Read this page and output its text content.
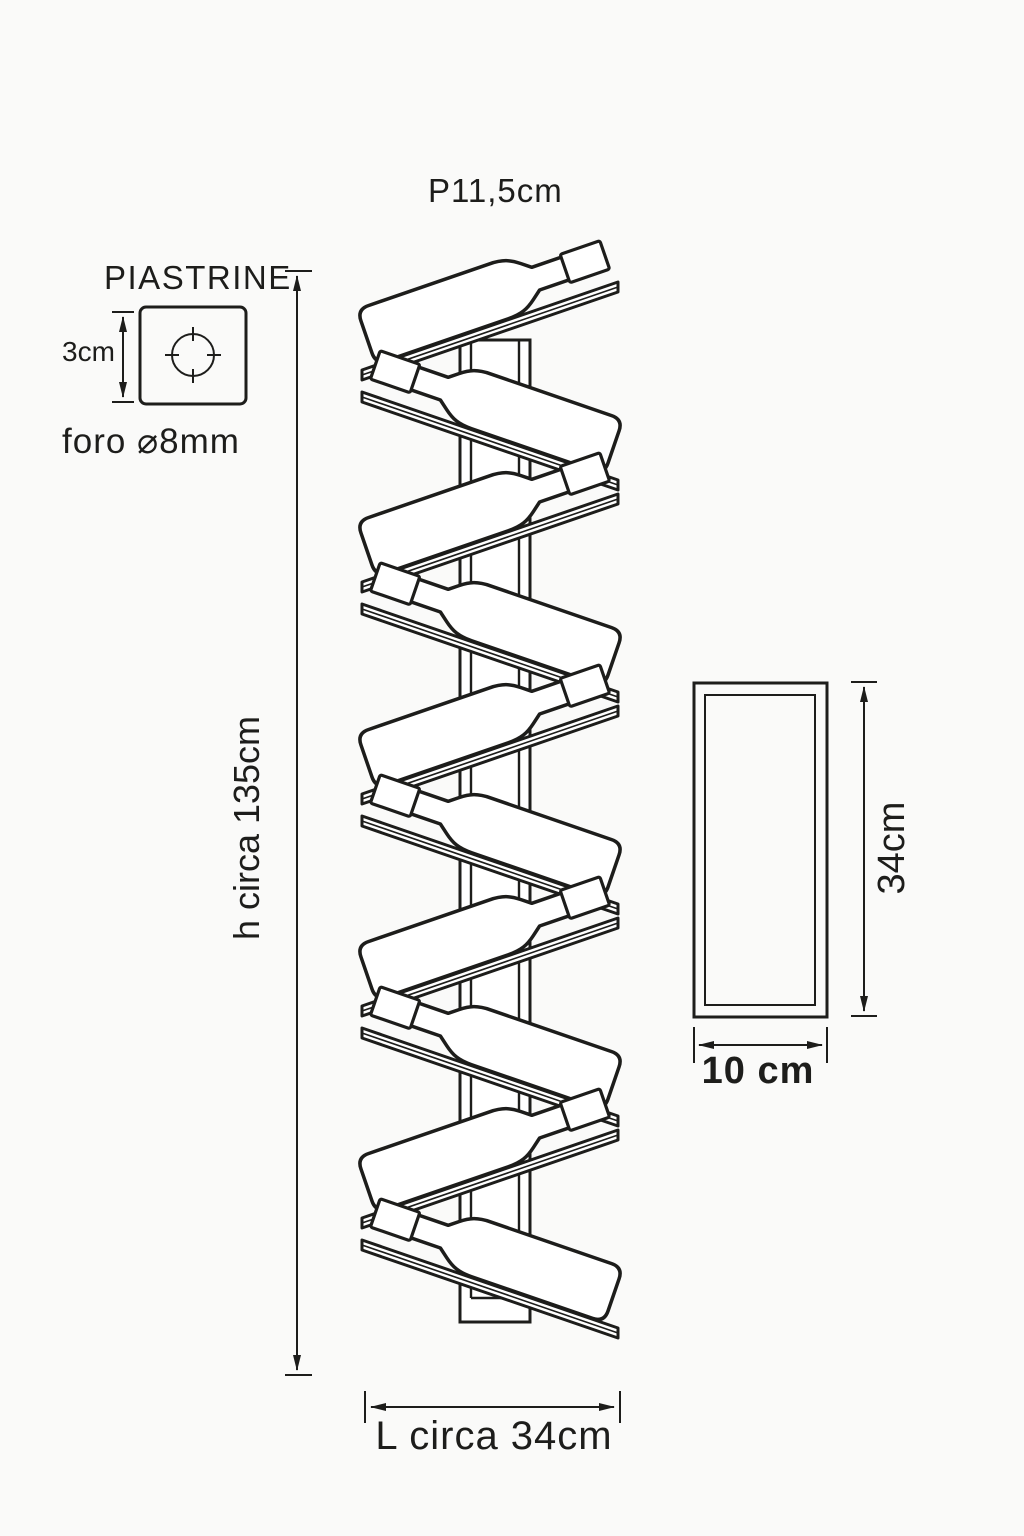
P11,5cm
PIASTRINE
3cm
foro ⌀8mm
h circa 135cm	34cm
10 cm
L circa 34cm
